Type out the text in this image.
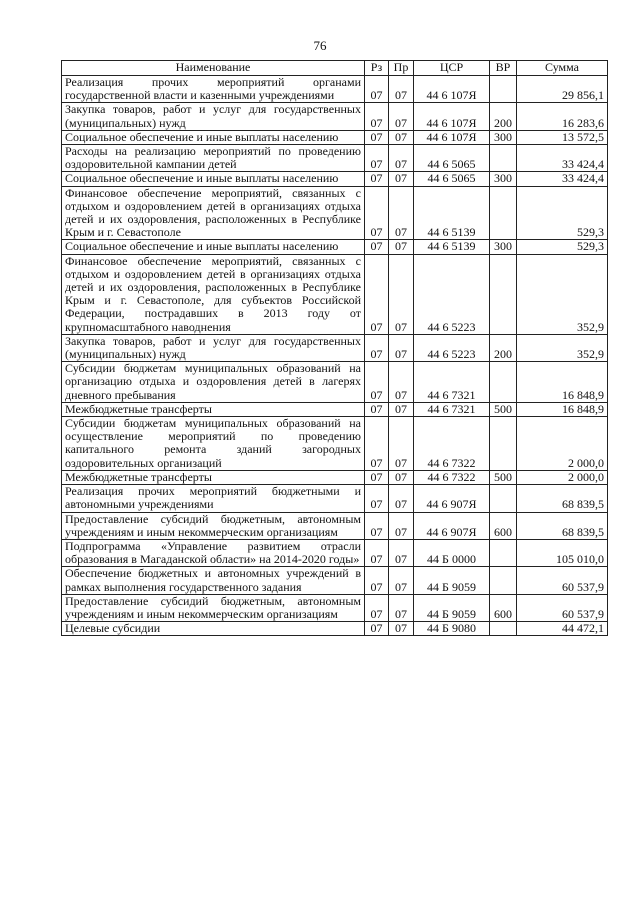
76
Наименование	Рз	Пр	ЦСР	ВР	Сумма
Реализация прочих мероприятий органами государственной власти и казенными учреждениями	07	07	44 6 107Я		29 856,1
Закупка товаров, работ и услуг для государственных (муниципальных) нужд	07	07	44 6 107Я	200	16 283,6
Социальное обеспечение и иные выплаты населению	07	07	44 6 107Я	300	13 572,5
Расходы на реализацию мероприятий по проведению оздоровительной кампании детей	07	07	44 6 5065		33 424,4
Социальное обеспечение и иные выплаты населению	07	07	44 6 5065	300	33 424,4
Финансовое обеспечение мероприятий, связанных с отдыхом и оздоровлением детей в организациях отдыха детей и их оздоровления, расположенных в Республике Крым и г. Севастополе	07	07	44 6 5139		529,3
Социальное обеспечение и иные выплаты населению	07	07	44 6 5139	300	529,3
Финансовое обеспечение мероприятий, связанных с отдыхом и оздоровлением детей в организациях отдыха детей и их оздоровления, расположенных в Республике Крым и г. Севастополе, для субъектов Российской Федерации, пострадавших в 2013 году от крупномасштабного наводнения	07	07	44 6 5223		352,9
Закупка товаров, работ и услуг для государственных (муниципальных) нужд	07	07	44 6 5223	200	352,9
Субсидии бюджетам муниципальных образований на организацию отдыха и оздоровления детей в лагерях дневного пребывания	07	07	44 6 7321		16 848,9
Межбюджетные трансферты	07	07	44 6 7321	500	16 848,9
Субсидии бюджетам муниципальных образований на осуществление мероприятий по проведению капитального ремонта зданий загородных оздоровительных организаций	07	07	44 6 7322		2 000,0
Межбюджетные трансферты	07	07	44 6 7322	500	2 000,0
Реализация прочих мероприятий бюджетными и автономными учреждениями	07	07	44 6 907Я		68 839,5
Предоставление субсидий бюджетным, автономным учреждениям и иным некоммерческим организациям	07	07	44 6 907Я	600	68 839,5
Подпрограмма «Управление развитием отрасли образования в Магаданской области» на 2014-2020 годы»	07	07	44 Б 0000		105 010,0
Обеспечение бюджетных и автономных учреждений в рамках выполнения государственного задания	07	07	44 Б 9059		60 537,9
Предоставление субсидий бюджетным, автономным учреждениям и иным некоммерческим организациям	07	07	44 Б 9059	600	60 537,9
Целевые субсидии	07	07	44 Б 9080		44 472,1
